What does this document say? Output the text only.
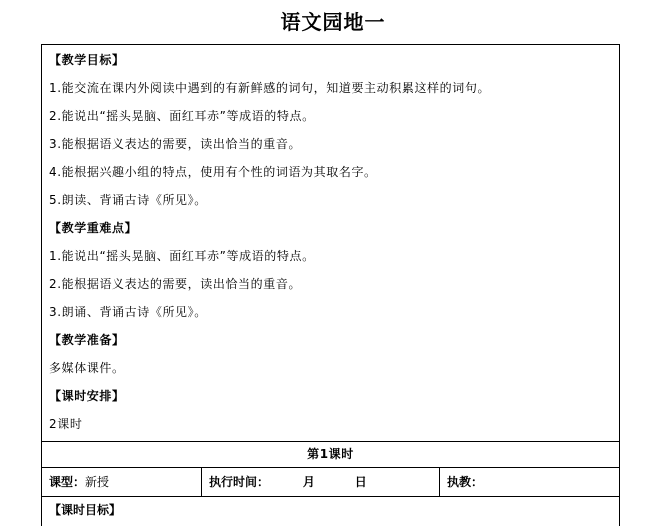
语文园地一
【教学目标】
1.能交流在课内外阅读中遇到的有新鲜感的词句，知道要主动积累这样的词句。
2.能说出“摇头晃脑、面红耳赤”等成语的特点。
3.能根据语义表达的需要，读出恰当的重音。
4.能根据兴趣小组的特点，使用有个性的词语为其取名字。
5.朗读、背诵古诗《所见》。
【教学重难点】
1.能说出“摇头晃脑、面红耳赤”等成语的特点。
2.能根据语义表达的需要，读出恰当的重音。
3.朗诵、背诵古诗《所见》。
【教学准备】
多媒体课件。
【课时安排】
2课时
第1课时
课型：新授	执行时间：	月	日	执教：
【课时目标】
